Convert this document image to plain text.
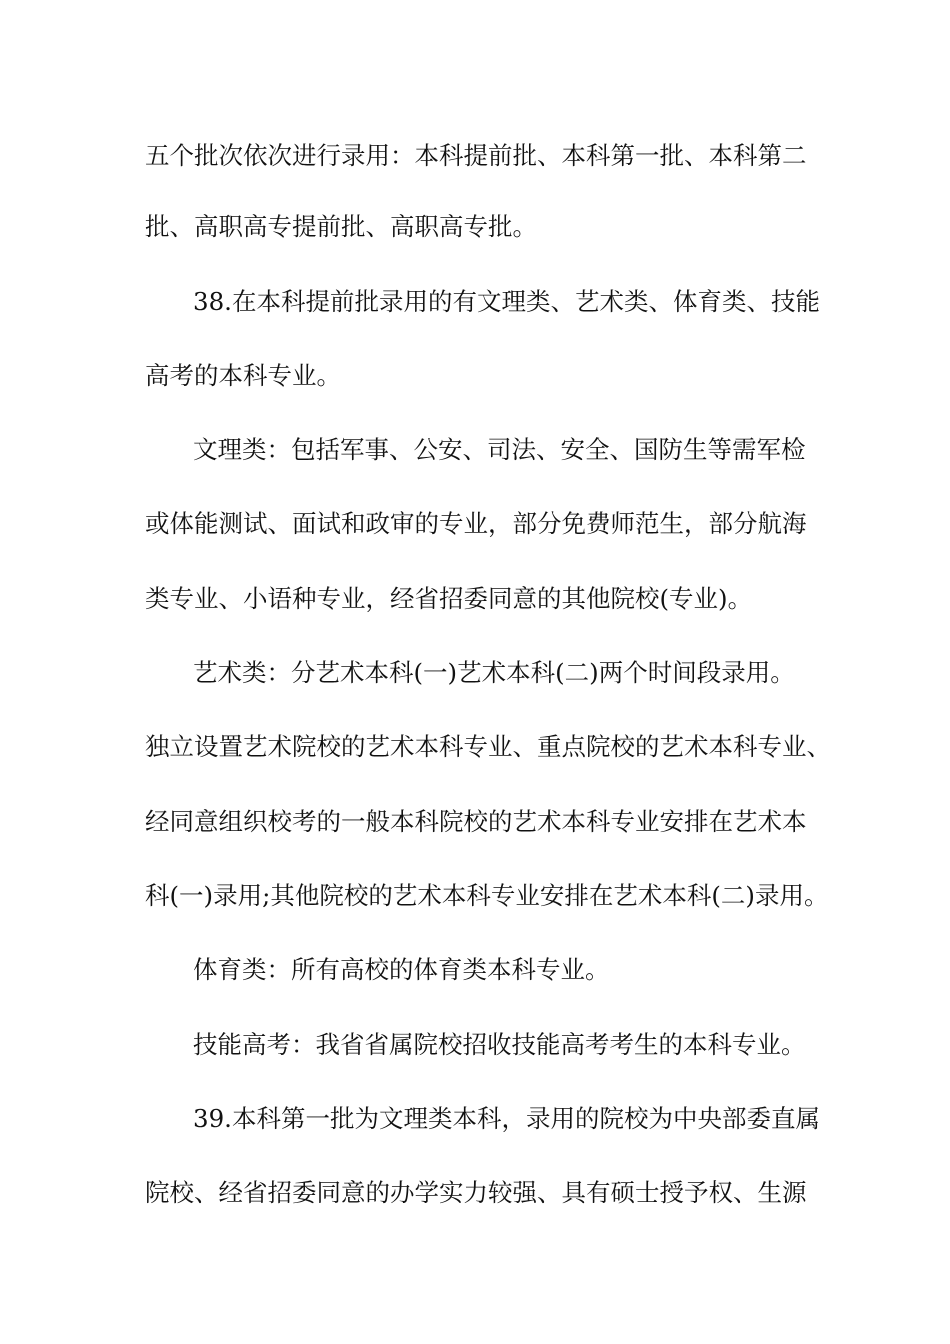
五个批次依次进行录用：本科提前批、本科第一批、本科第二
批、高职高专提前批、高职高专批。
38.在本科提前批录用的有文理类、艺术类、体育类、技能
高考的本科专业。
文理类：包括军事、公安、司法、安全、国防生等需军检
或体能测试、面试和政审的专业，部分免费师范生，部分航海
类专业、小语种专业，经省招委同意的其他院校(专业)。
艺术类：分艺术本科(一)艺术本科(二)两个时间段录用。
独立设置艺术院校的艺术本科专业、重点院校的艺术本科专业、
经同意组织校考的一般本科院校的艺术本科专业安排在艺术本
科(一)录用;其他院校的艺术本科专业安排在艺术本科(二)录用。
体育类：所有高校的体育类本科专业。
技能高考：我省省属院校招收技能高考考生的本科专业。
39.本科第一批为文理类本科，录用的院校为中央部委直属
院校、经省招委同意的办学实力较强、具有硕士授予权、生源
